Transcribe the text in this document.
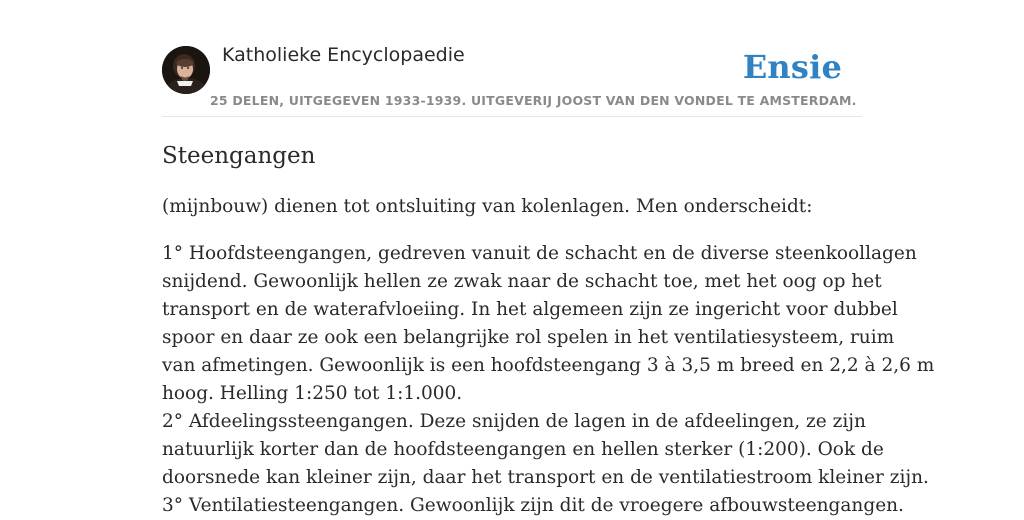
Katholieke Encyclopaedie
25 DELEN, UITGEGEVEN 1933-1939. UITGEVERIJ JOOST VAN DEN VONDEL TE AMSTERDAM.
Ensie
Steengangen

(mijnbouw) dienen tot ontsluiting van kolenlagen. Men onderscheidt:

1° Hoofdsteengangen, gedreven vanuit de schacht en de diverse steenkoollagen
snijdend. Gewoonlijk hellen ze zwak naar de schacht toe, met het oog op het
transport en de waterafvloeiing. In het algemeen zijn ze ingericht voor dubbel
spoor en daar ze ook een belangrijke rol spelen in het ventilatiesysteem, ruim
van afmetingen. Gewoonlijk is een hoofdsteengang 3 à 3,5 m breed en 2,2 à 2,6 m
hoog. Helling 1:250 tot 1:1.000.
2° Afdeelingssteengangen. Deze snijden de lagen in de afdeelingen, ze zijn
natuurlijk korter dan de hoofdsteengangen en hellen sterker (1:200). Ook de
doorsnede kan kleiner zijn, daar het transport en de ventilatiestroom kleiner zijn.
3° Ventilatiesteengangen. Gewoonlijk zijn dit de vroegere afbouwsteengangen.
